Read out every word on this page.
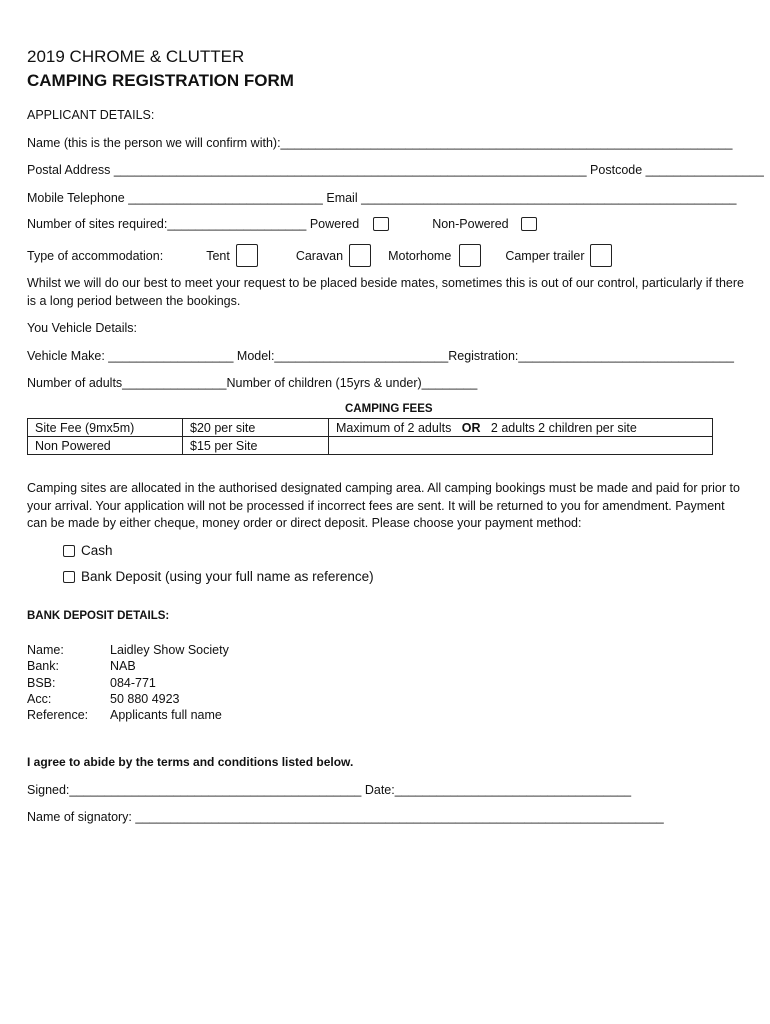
2019 CHROME & CLUTTER
CAMPING REGISTRATION FORM
APPLICANT DETAILS:
Name (this is the person we will confirm with):_________________________________________________________________
Postal Address ____________________________________________________________________ Postcode _________________
Mobile Telephone ____________________________ Email ______________________________________________________
Number of sites required:____________________ Powered	Non-Powered
Type of accommodation:	Tent	Caravan	Motorhome	Camper trailer
Whilst we will do our best to meet your request to be placed beside mates, sometimes this is out of our control, particularly if there is a long period between the bookings.
You Vehicle Details:
Vehicle Make: __________________ Model:_________________________Registration:_______________________________
Number of adults_______________Number of children (15yrs & under)________
CAMPING FEES
Site Fee (9mx5m)	$20 per site	Maximum of 2 adults OR 2 adults 2 children per site
Non Powered	$15 per Site	
Camping sites are allocated in the authorised designated camping area. All camping bookings must be made and paid for prior to your arrival. Your application will not be processed if incorrect fees are sent. It will be returned to you for amendment. Payment can be made by either cheque, money order or direct deposit. Please choose your payment method:
Cash
Bank Deposit (using your full name as reference)
BANK DEPOSIT DETAILS:
Name:	Laidley Show Society
Bank:	NAB
BSB:	084-771
Acc:	50 880 4923
Reference: Applicants full name
I agree to abide by the terms and conditions listed below.
Signed:__________________________________________ Date:__________________________________
Name of signatory: ____________________________________________________________________________
